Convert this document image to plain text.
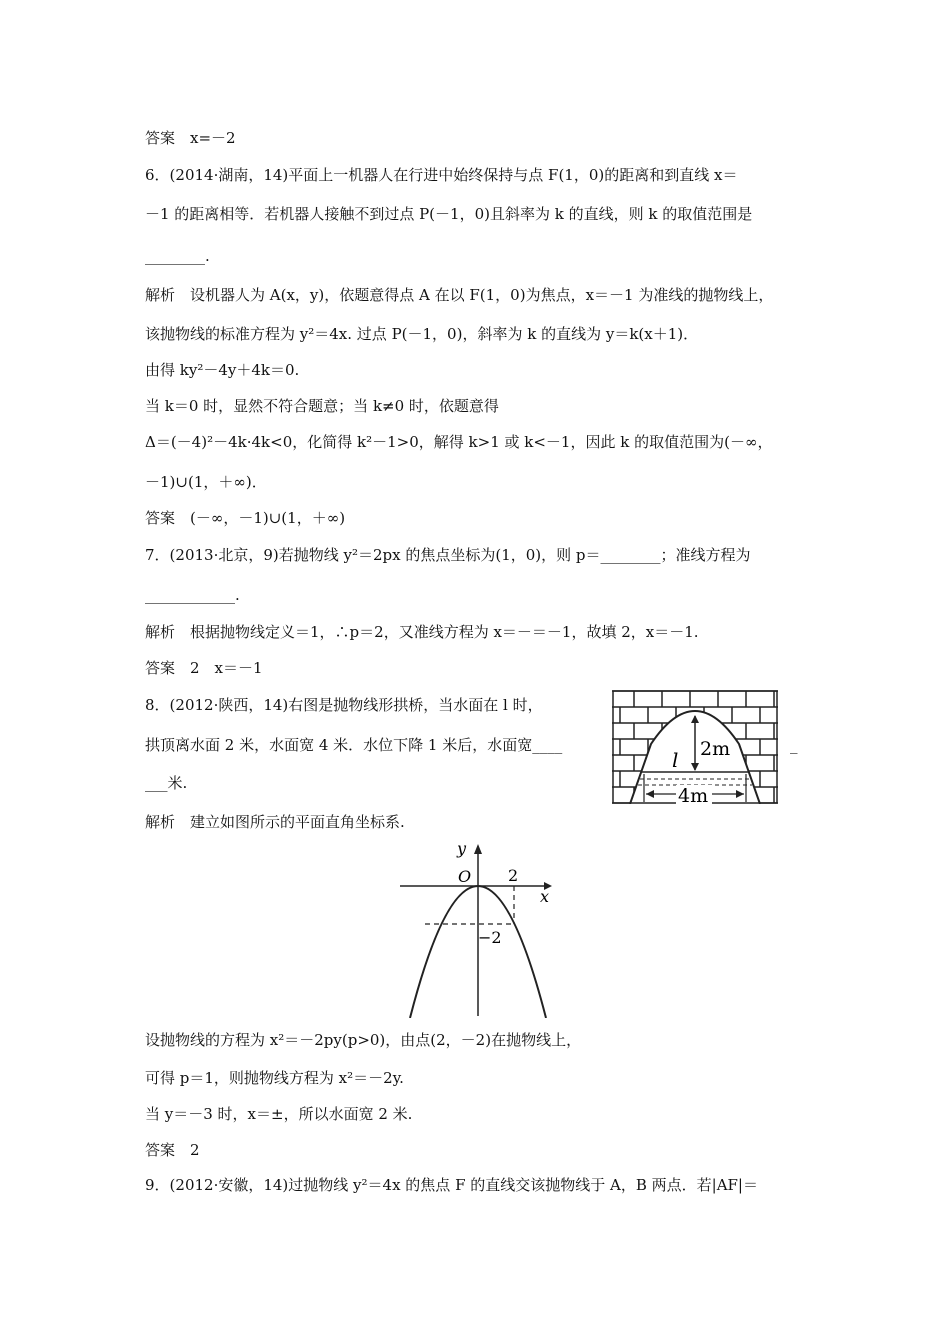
答案　x=－2
6．(2014·湖南，14)平面上一机器人在行进中始终保持与点 F(1，0)的距离和到直线 x＝
－1 的距离相等．若机器人接触不到过点 P(－1，0)且斜率为 k 的直线，则 k 的取值范围是
________.
解析　设机器人为 A(x，y)，依题意得点 A 在以 F(1，0)为焦点，x＝－1 为准线的抛物线上，
该抛物线的标准方程为 y²＝4x. 过点 P(－1，0)，斜率为 k 的直线为 y＝k(x＋1)．
由得 ky²－4y＋4k＝0.
当 k＝0 时，显然不符合题意；当 k≠0 时，依题意得
Δ＝(－4)²－4k·4k<0，化简得 k²－1>0，解得 k>1 或 k<－1，因此 k 的取值范围为(－∞，
－1)∪(1，＋∞)．
答案　(－∞，－1)∪(1，＋∞)
7．(2013·北京，9)若抛物线 y²＝2px 的焦点坐标为(1，0)，则 p＝________；准线方程为
____________.
解析　根据抛物线定义＝1，∴p＝2，又准线方程为 x＝－＝－1，故填 2，x＝－1.
答案　2　x＝－1
8．(2012·陕西，14)右图是抛物线形拱桥，当水面在 l 时，
拱顶离水面 2 米，水面宽 4 米．水位下降 1 米后，水面宽____	_
___米.
解析　建立如图所示的平面直角坐标系.
2m
l
4m
y
x
O 2
−2
设抛物线的方程为 x²＝－2py(p>0)，由点(2，－2)在抛物线上，
可得 p＝1，则抛物线方程为 x²＝－2y.
当 y＝－3 时，x＝±，所以水面宽 2 米.
答案　2
9．(2012·安徽，14)过抛物线 y²＝4x 的焦点 F 的直线交该抛物线于 A，B 两点．若|AF|＝
